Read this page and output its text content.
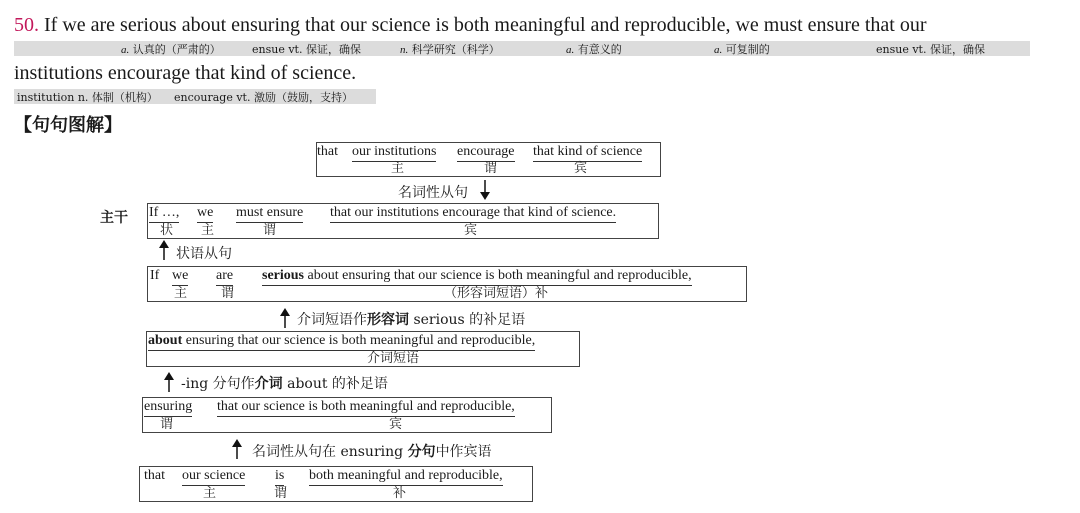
50. If we are serious about ensuring that our science is both meaningful and reproducible, we must ensure that our
a. 认真的（严肃的）	ensue vt. 保证，确保	n. 科学研究（科学）	a. 有意义的	a. 可复制的	ensue vt. 保证，确保
institutions encourage that kind of science.
institution n. 体制（机构） encourage vt. 激励（鼓励，支持）
【句句图解】
that our institutions encourage that kind of science
主	谓	宾
名词性从句
主干 If …, we must ensure that our institutions encourage that kind of science.
状 主	谓	宾
状语从句
If we are serious about ensuring that our science is both meaningful and reproducible,
主	谓	（形容词短语）补
介词短语作形容词 serious 的补足语
about ensuring that our science is both meaningful and reproducible,
介词短语
-ing 分句作介词 about 的补足语
ensuring that our science is both meaningful and reproducible,
谓	宾
名词性从句在 ensuring 分句中作宾语
that our science is both meaningful and reproducible,
主	谓	补
